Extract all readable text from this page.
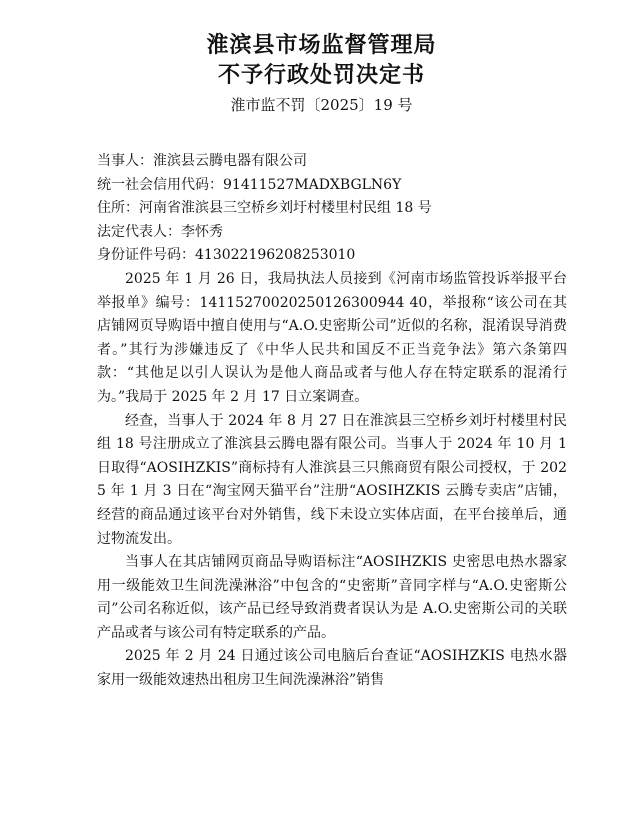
淮滨县市场监督管理局
不予行政处罚决定书
淮市监不罚〔2025〕19 号

当事人：淮滨县云腾电器有限公司

统一社会信用代码：91411527MADXBGLN6Y

住所：河南省淮滨县三空桥乡刘圩村楼里村民组 18 号

法定代表人：李怀秀

身份证件号码：413022196208253010

2025 年 1 月 26 日，我局执法人员接到《河南市场监管投诉举报平台举报单》编号：14115270020250126300944 40，举报称“该公司在其店铺网页导购语中擅自使用与“A.O.史密斯公司”近似的名称，混淆误导消费者。”其行为涉嫌违反了《中华人民共和国反不正当竞争法》第六条第四款：“其他足以引人误认为是他人商品或者与他人存在特定联系的混淆行为。”我局于 2025 年 2 月 17 日立案调查。

经查，当事人于 2024 年 8 月 27 日在淮滨县三空桥乡刘圩村楼里村民组 18 号注册成立了淮滨县云腾电器有限公司。当事人于 2024 年 10 月 1 日取得“AOSIHZKIS”商标持有人淮滨县三只熊商贸有限公司授权，于 2025 年 1 月 3 日在“淘宝网天猫平台”注册“AOSIHZKIS 云腾专卖店”店铺，经营的商品通过该平台对外销售，线下未设立实体店面，在平台接单后，通过物流发出。

当事人在其店铺网页商品导购语标注“AOSIHZKIS 史密思电热水器家用一级能效卫生间洗澡淋浴”中包含的“史密斯”音同字样与“A.O.史密斯公司”公司名称近似，该产品已经导致消费者误认为是 A.O.史密斯公司的关联产品或者与该公司有特定联系的产品。

2025 年 2 月 24 日通过该公司电脑后台查证“AOSIHZKIS 电热水器家用一级能效速热出租房卫生间洗澡淋浴”销售
